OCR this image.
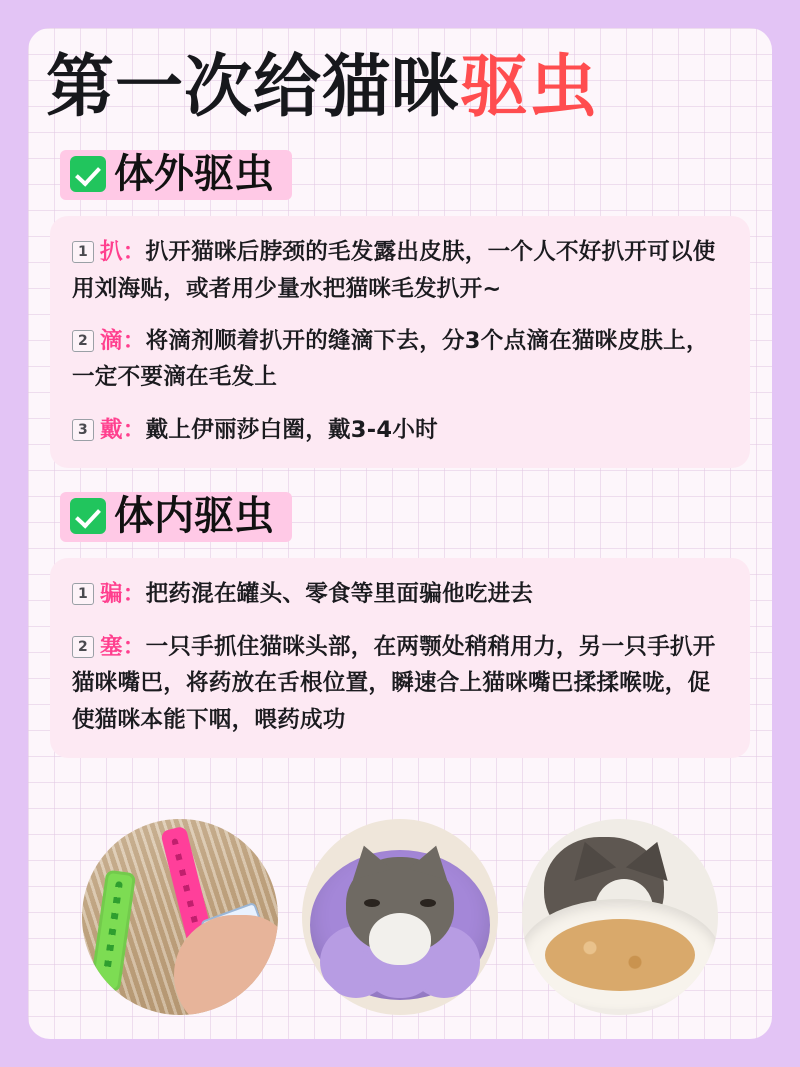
第一次给猫咪驱虫
体外驱虫

1 扒：扒开猫咪后脖颈的毛发露出皮肤，一个人不好扒开可以使用刘海贴，或者用少量水把猫咪毛发扒开~

2 滴：将滴剂顺着扒开的缝滴下去，分3个点滴在猫咪皮肤上，一定不要滴在毛发上

3 戴：戴上伊丽莎白圈，戴3-4小时

体内驱虫

1 骗：把药混在罐头、零食等里面骗他吃进去

2 塞：一只手抓住猫咪头部，在两颚处稍稍用力，另一只手扒开猫咪嘴巴，将药放在舌根位置，瞬速合上猫咪嘴巴揉揉喉咙，促使猫咪本能下咽，喂药成功
